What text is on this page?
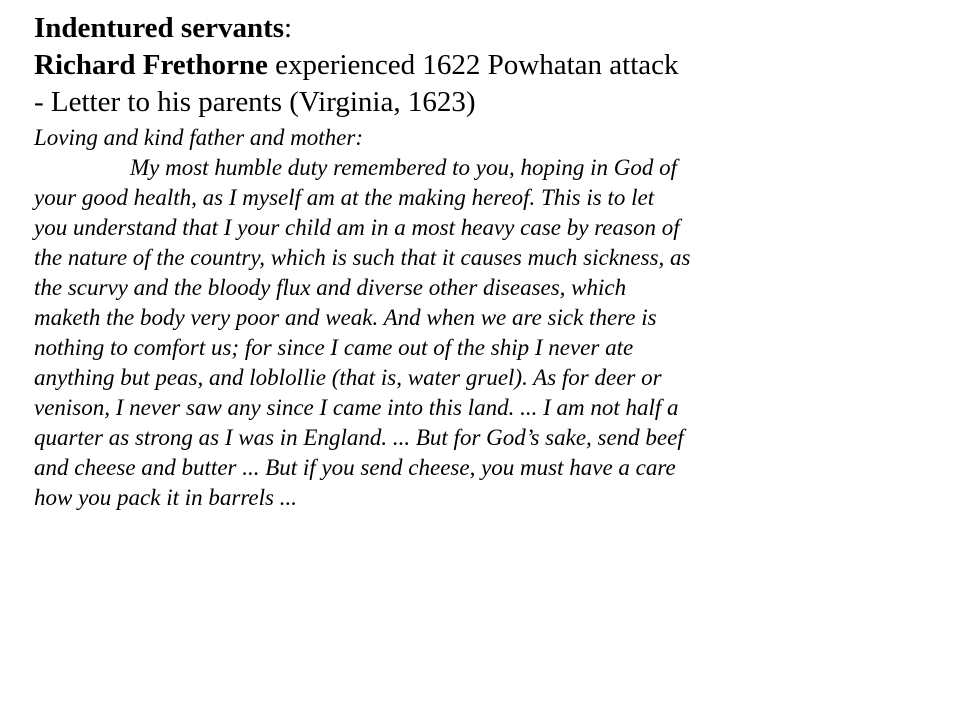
Indentured servants:
Richard Frethorne experienced 1622 Powhatan attack
- Letter to his parents (Virginia, 1623)
Loving and kind father and mother:
My most humble duty remembered to you, hoping in God of
your good health, as I myself am at the making hereof. This is to let
you understand that I your child am in a most heavy case by reason of
the nature of the country, which is such that it causes much sickness, as
the scurvy and the bloody flux and diverse other diseases, which
maketh the body very poor and weak. And when we are sick there is
nothing to comfort us; for since I came out of the ship I never ate
anything but peas, and loblollie (that is, water gruel). As for deer or
venison, I never saw any since I came into this land. ... I am not half a
quarter as strong as I was in England. ... But for God’s sake, send beef
and cheese and butter ... But if you send cheese, you must have a care
how you pack it in barrels ...
